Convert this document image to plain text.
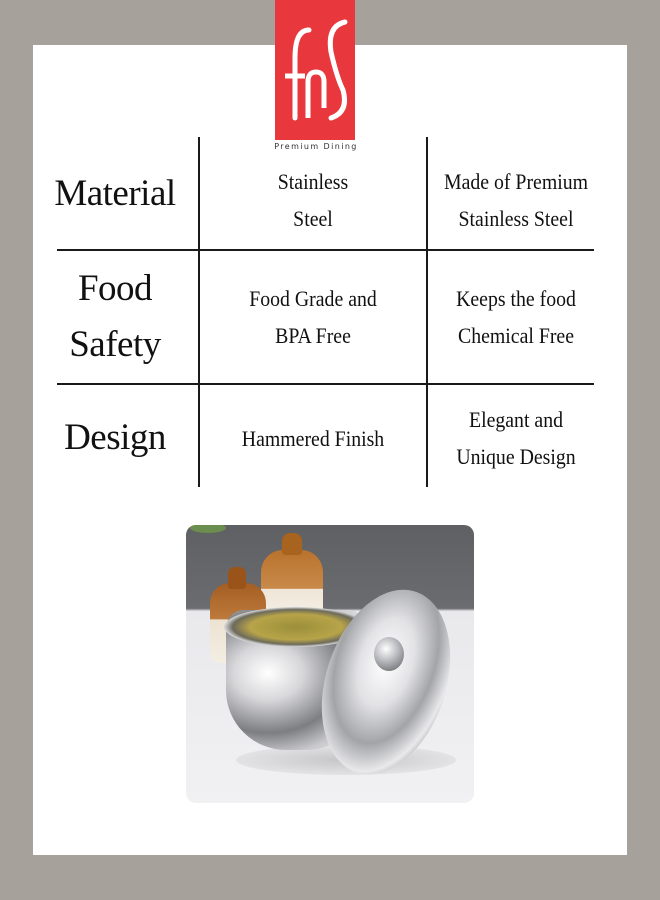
Premium Dining
Material	Stainless
Steel
Made of Premium
Stainless Steel
Food
Safety
Food Grade and
BPA Free
Keeps the food
Chemical Free
Design	Hammered Finish
Elegant and
Unique Design
